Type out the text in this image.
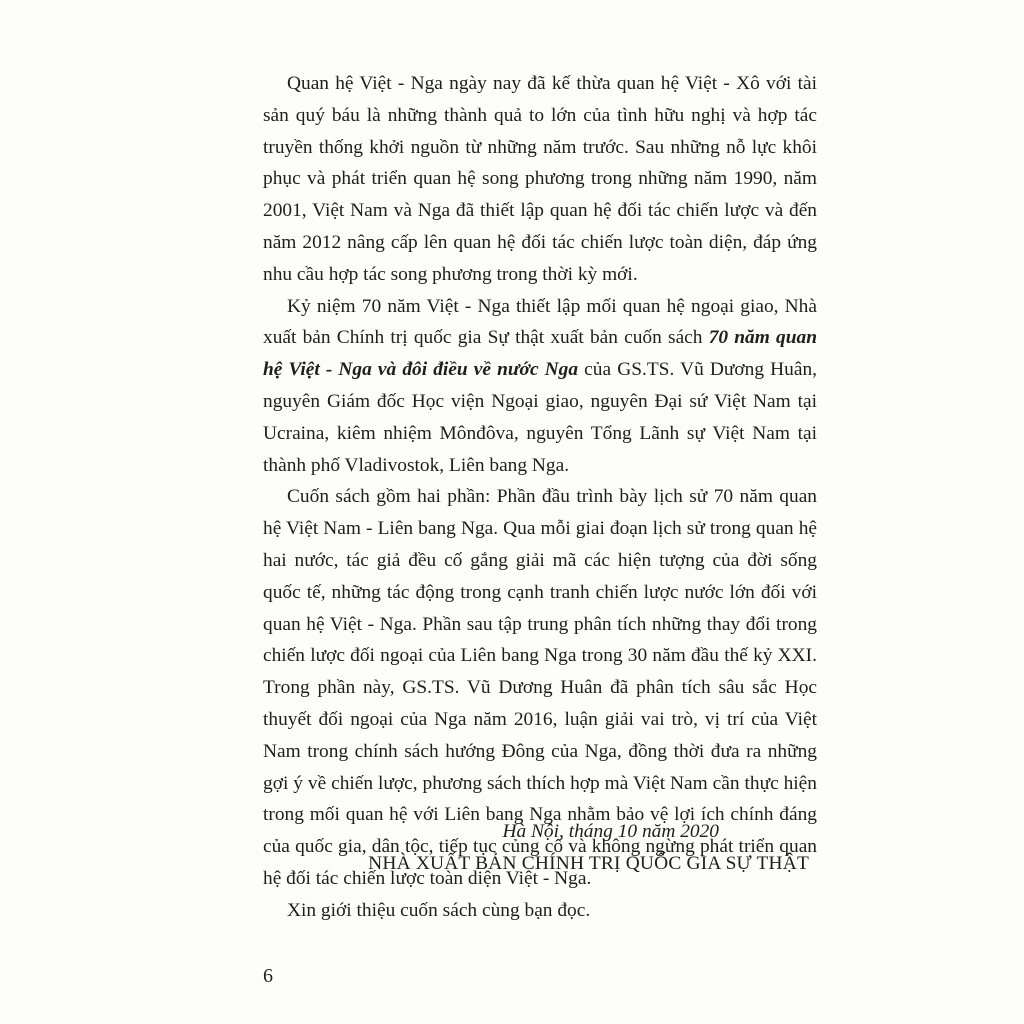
Quan hệ Việt - Nga ngày nay đã kế thừa quan hệ Việt - Xô với tài sản quý báu là những thành quả to lớn của tình hữu nghị và hợp tác truyền thống khởi nguồn từ những năm trước. Sau những nỗ lực khôi phục và phát triển quan hệ song phương trong những năm 1990, năm 2001, Việt Nam và Nga đã thiết lập quan hệ đối tác chiến lược và đến năm 2012 nâng cấp lên quan hệ đối tác chiến lược toàn diện, đáp ứng nhu cầu hợp tác song phương trong thời kỳ mới.

Kỷ niệm 70 năm Việt - Nga thiết lập mối quan hệ ngoại giao, Nhà xuất bản Chính trị quốc gia Sự thật xuất bản cuốn sách 70 năm quan hệ Việt - Nga và đôi điều về nước Nga của GS.TS. Vũ Dương Huân, nguyên Giám đốc Học viện Ngoại giao, nguyên Đại sứ Việt Nam tại Ucraina, kiêm nhiệm Mônđôva, nguyên Tổng Lãnh sự Việt Nam tại thành phố Vladivostok, Liên bang Nga.

Cuốn sách gồm hai phần: Phần đầu trình bày lịch sử 70 năm quan hệ Việt Nam - Liên bang Nga. Qua mỗi giai đoạn lịch sử trong quan hệ hai nước, tác giả đều cố gắng giải mã các hiện tượng của đời sống quốc tế, những tác động trong cạnh tranh chiến lược nước lớn đối với quan hệ Việt - Nga. Phần sau tập trung phân tích những thay đổi trong chiến lược đối ngoại của Liên bang Nga trong 30 năm đầu thế kỷ XXI. Trong phần này, GS.TS. Vũ Dương Huân đã phân tích sâu sắc Học thuyết đối ngoại của Nga năm 2016, luận giải vai trò, vị trí của Việt Nam trong chính sách hướng Đông của Nga, đồng thời đưa ra những gợi ý về chiến lược, phương sách thích hợp mà Việt Nam cần thực hiện trong mối quan hệ với Liên bang Nga nhằm bảo vệ lợi ích chính đáng của quốc gia, dân tộc, tiếp tục củng cố và không ngừng phát triển quan hệ đối tác chiến lược toàn diện Việt - Nga.

Xin giới thiệu cuốn sách cùng bạn đọc.

Hà Nội, tháng 10 năm 2020
NHÀ XUẤT BẢN CHÍNH TRỊ QUỐC GIA SỰ THẬT
6
